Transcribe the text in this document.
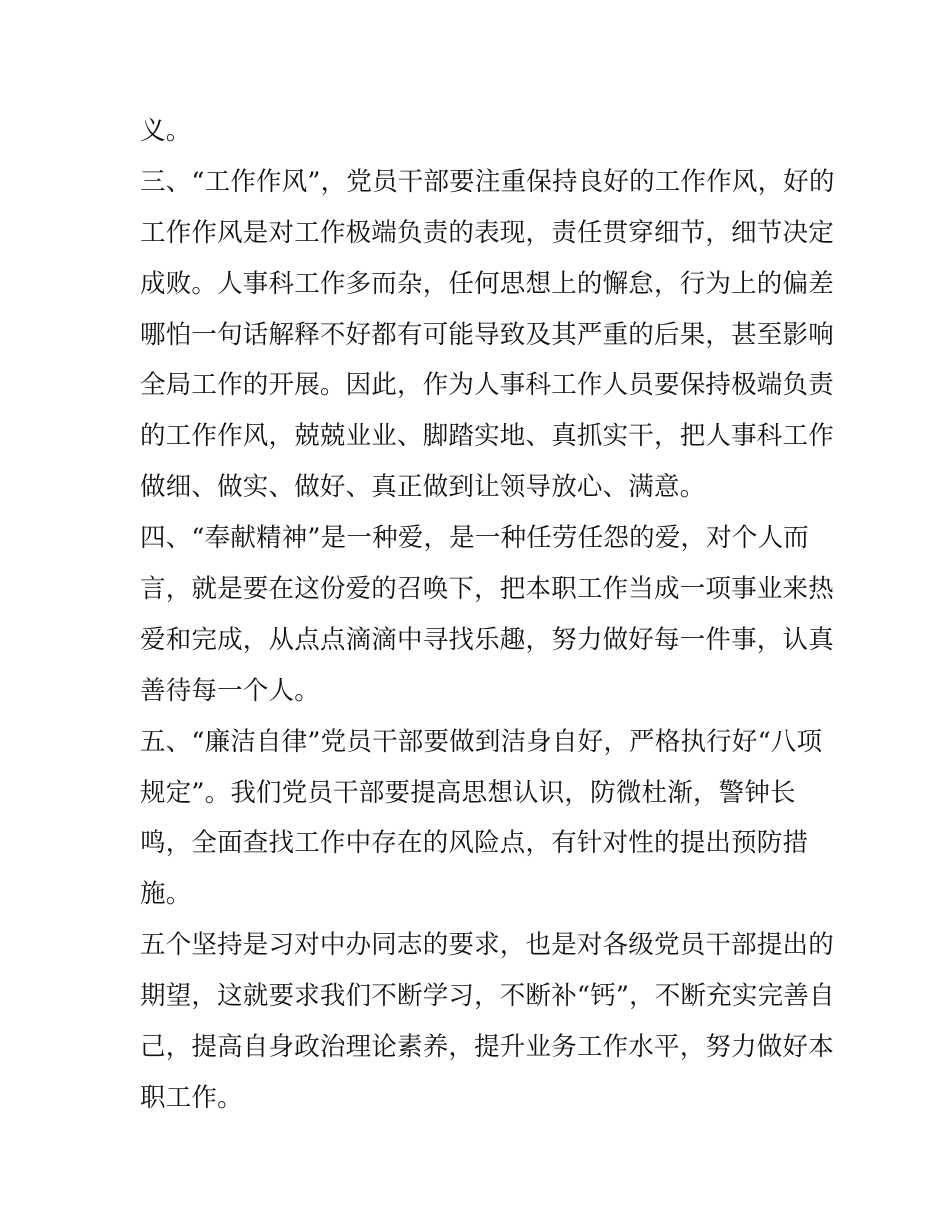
义。
三、“工作作风”，党员干部要注重保持良好的工作作风，好的
工作作风是对工作极端负责的表现，责任贯穿细节，细节决定
成败。人事科工作多而杂，任何思想上的懈怠，行为上的偏差
哪怕一句话解释不好都有可能导致及其严重的后果，甚至影响
全局工作的开展。因此，作为人事科工作人员要保持极端负责
的工作作风，兢兢业业、脚踏实地、真抓实干，把人事科工作
做细、做实、做好、真正做到让领导放心、满意。
四、“奉献精神”是一种爱，是一种任劳任怨的爱，对个人而
言，就是要在这份爱的召唤下，把本职工作当成一项事业来热
爱和完成，从点点滴滴中寻找乐趣，努力做好每一件事，认真
善待每一个人。
五、“廉洁自律”党员干部要做到洁身自好，严格执行好“八项
规定”。我们党员干部要提高思想认识，防微杜渐，警钟长
鸣，全面查找工作中存在的风险点，有针对性的提出预防措
施。
五个坚持是习对中办同志的要求，也是对各级党员干部提出的
期望，这就要求我们不断学习，不断补“钙”，不断充实完善自
己，提高自身政治理论素养，提升业务工作水平，努力做好本
职工作。
